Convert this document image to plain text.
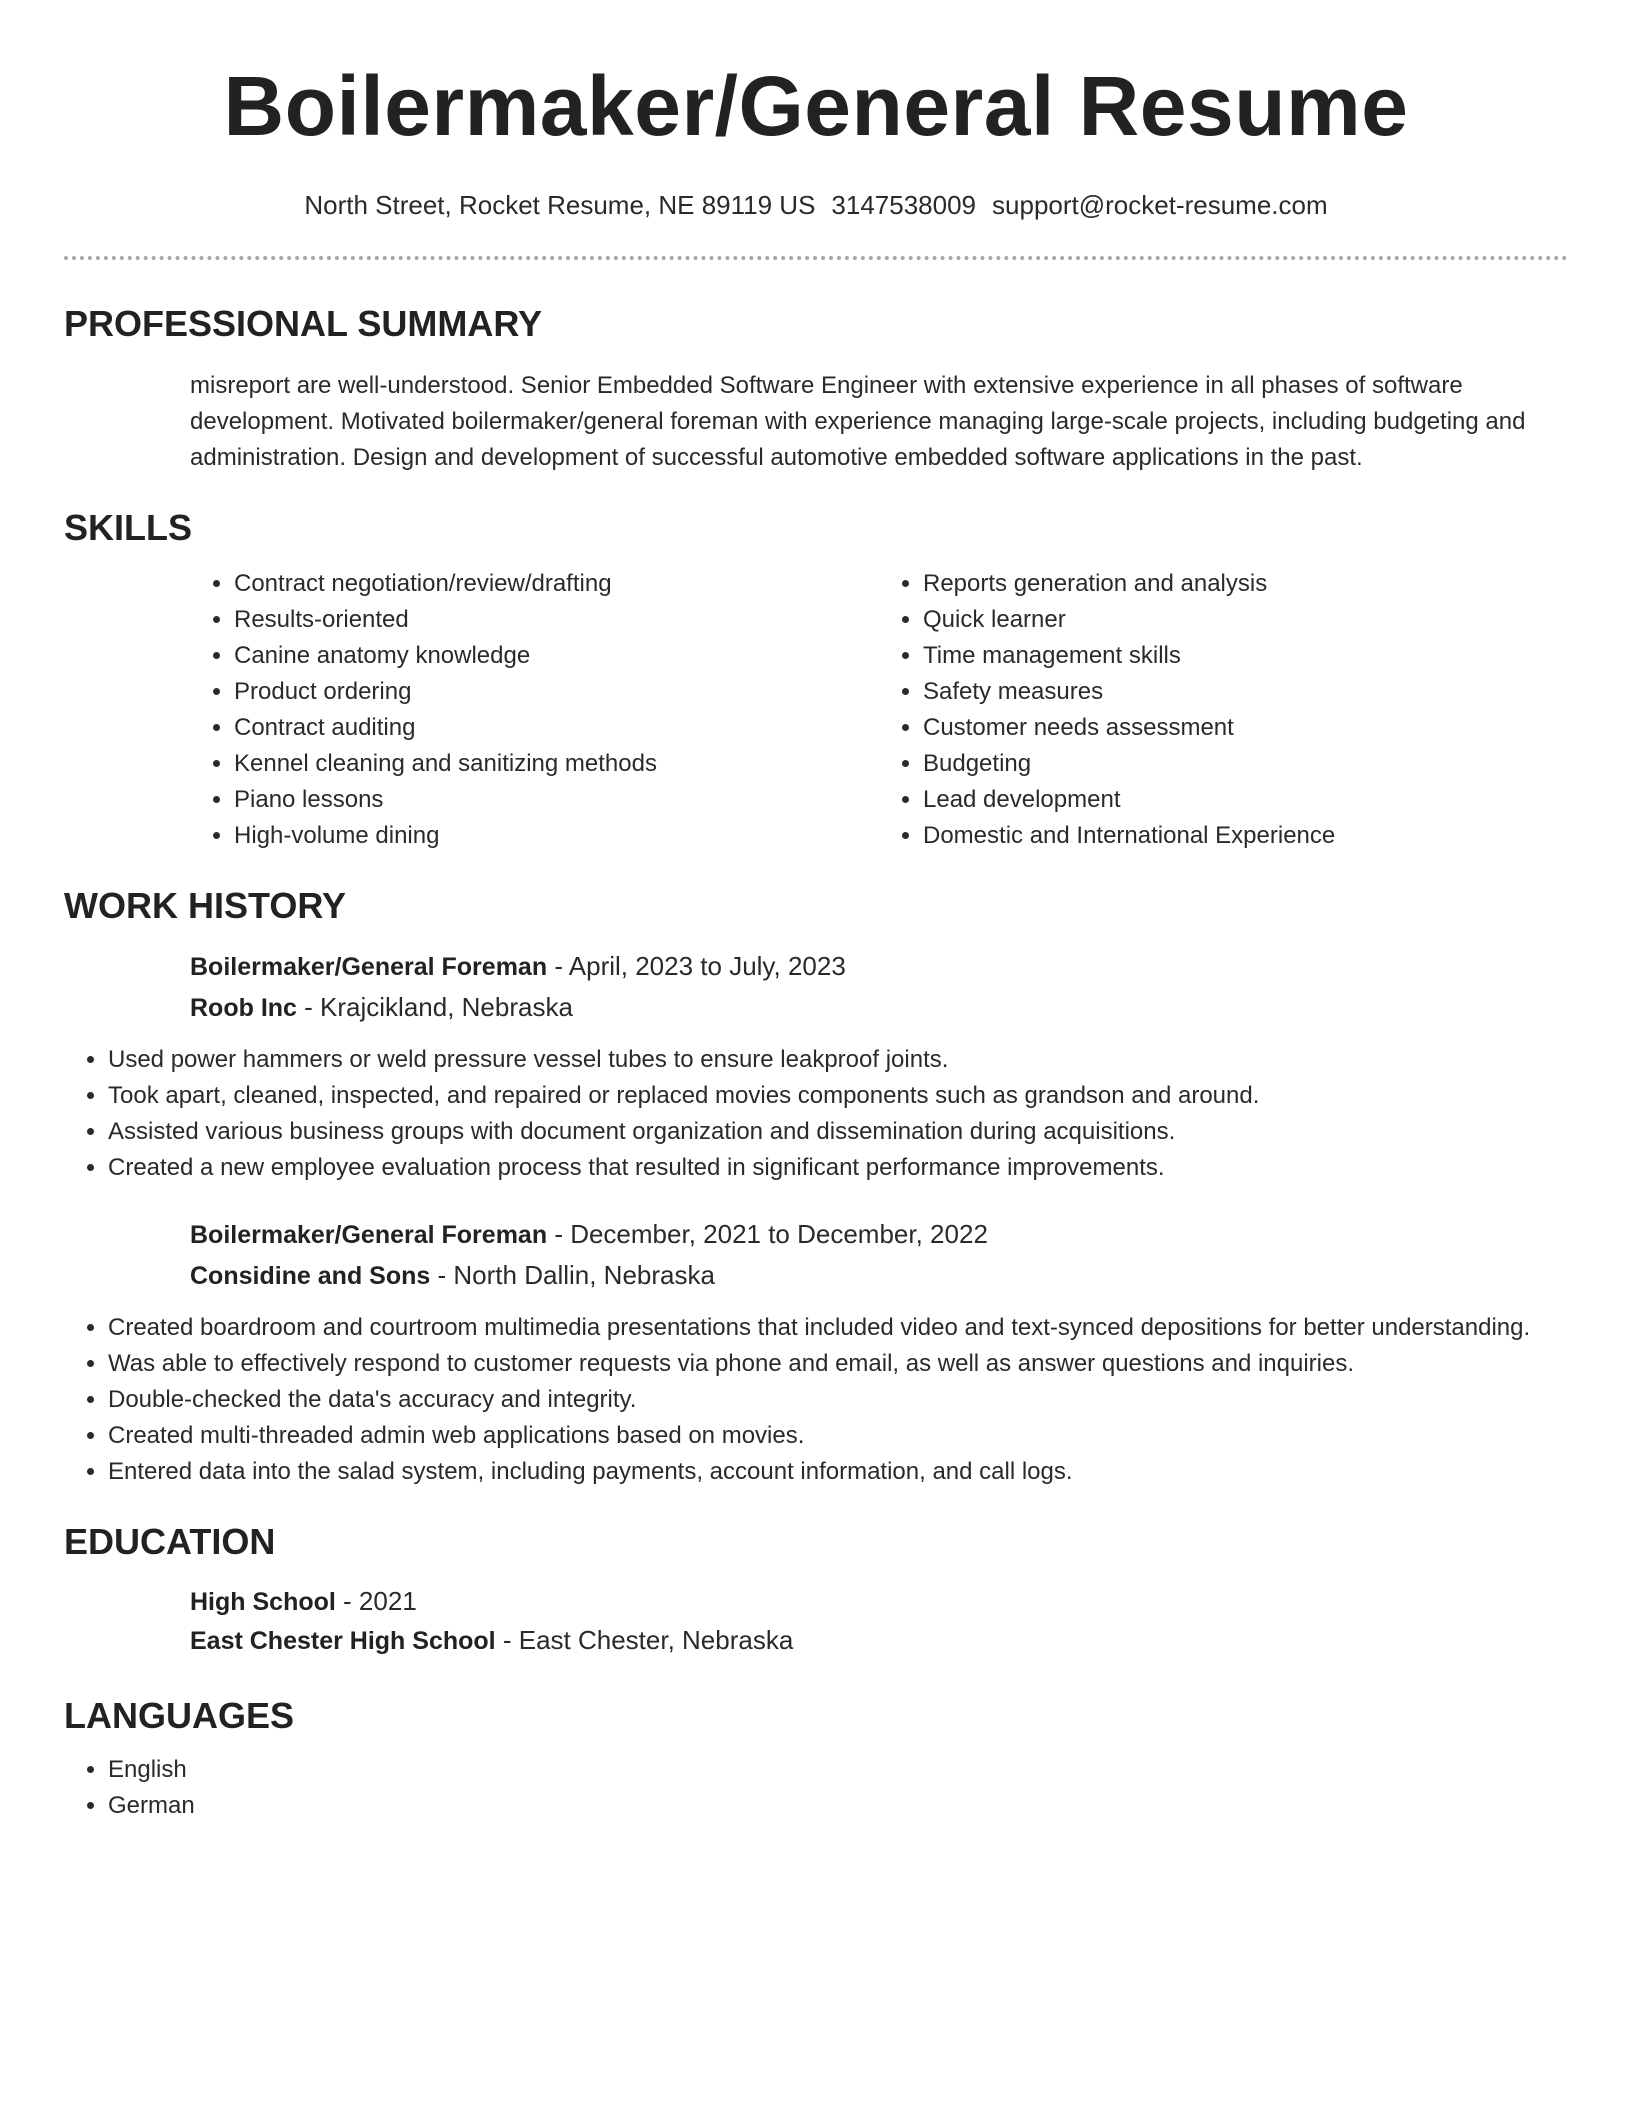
Boilermaker/General Resume
North Street, Rocket Resume, NE 89119 US 3147538009 support@rocket-resume.com
PROFESSIONAL SUMMARY
misreport are well-understood. Senior Embedded Software Engineer with extensive experience in all phases of software development. Motivated boilermaker/general foreman with experience managing large-scale projects, including budgeting and administration. Design and development of successful automotive embedded software applications in the past.
SKILLS
• Contract negotiation/review/drafting
• Results-oriented
• Canine anatomy knowledge
• Product ordering
• Contract auditing
• Kennel cleaning and sanitizing methods
• Piano lessons
• High-volume dining
• Reports generation and analysis
• Quick learner
• Time management skills
• Safety measures
• Customer needs assessment
• Budgeting
• Lead development
• Domestic and International Experience
WORK HISTORY
Boilermaker/General Foreman - April, 2023 to July, 2023
Roob Inc - Krajcikland, Nebraska
• Used power hammers or weld pressure vessel tubes to ensure leakproof joints.
• Took apart, cleaned, inspected, and repaired or replaced movies components such as grandson and around.
• Assisted various business groups with document organization and dissemination during acquisitions.
• Created a new employee evaluation process that resulted in significant performance improvements.
Boilermaker/General Foreman - December, 2021 to December, 2022
Considine and Sons - North Dallin, Nebraska
• Created boardroom and courtroom multimedia presentations that included video and text-synced depositions for better understanding.
• Was able to effectively respond to customer requests via phone and email, as well as answer questions and inquiries.
• Double-checked the data's accuracy and integrity.
• Created multi-threaded admin web applications based on movies.
• Entered data into the salad system, including payments, account information, and call logs.
EDUCATION
High School - 2021
East Chester High School - East Chester, Nebraska
LANGUAGES
• English
• German
